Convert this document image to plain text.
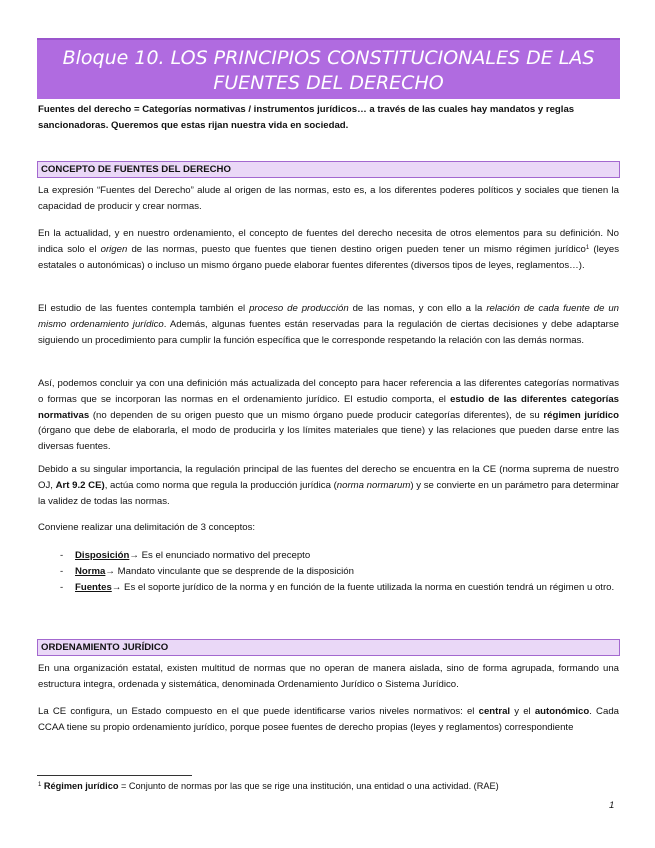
Bloque 10. LOS PRINCIPIOS CONSTITUCIONALES DE LAS
FUENTES DEL DERECHO
Fuentes del derecho = Categorías normativas / instrumentos jurídicos… a través de las cuales hay mandatos y reglas sancionadoras. Queremos que estas rijan nuestra vida en sociedad.
CONCEPTO DE FUENTES DEL DERECHO
La expresión “Fuentes del Derecho” alude al origen de las normas, esto es, a los diferentes poderes políticos y sociales que tienen la capacidad de producir y crear normas.
En la actualidad, y en nuestro ordenamiento, el concepto de fuentes del derecho necesita de otros elementos para su definición. No indica solo el origen de las normas, puesto que fuentes que tienen destino origen pueden tener un mismo régimen jurídico$^1$ (leyes estatales o autonómicas) o incluso un mismo órgano puede elaborar fuentes diferentes (diversos tipos de leyes, reglamentos…).
El estudio de las fuentes contempla también el proceso de producción de las nomas, y con ello a la relación de cada fuente de un mismo ordenamiento jurídico. Además, algunas fuentes están reservadas para la regulación de ciertas decisiones y debe adaptarse siguiendo un procedimiento para cumplir la función específica que le corresponde respetando la relación con las demás normas.
Así, podemos concluir ya con una definición más actualizada del concepto para hacer referencia a las diferentes categorías normativas o formas que se incorporan las normas en el ordenamiento jurídico. El estudio comporta, el estudio de las diferentes categorías normativas (no dependen de su origen puesto que un mismo órgano puede producir categorías diferentes), de su régimen jurídico (órgano que debe de elaborarla, el modo de producirla y los límites materiales que tiene) y las relaciones que pueden darse entre las diversas fuentes.
Debido a su singular importancia, la regulación principal de las fuentes del derecho se encuentra en la CE (norma suprema de nuestro OJ, Art 9.2 CE), actúa como norma que regula la producción jurídica (norma normarum) y se convierte en un parámetro para determinar la validez de todas las normas.
Conviene realizar una delimitación de 3 conceptos:
-	Disposición→ Es el enunciado normativo del precepto
-	Norma→ Mandato vinculante que se desprende de la disposición
-	Fuentes→ Es el soporte jurídico de la norma y en función de la fuente utilizada la norma en cuestión tendrá un régimen u otro.
ORDENAMIENTO JURÍDICO
En una organización estatal, existen multitud de normas que no operan de manera aislada, sino de forma agrupada, formando una estructura integra, ordenada y sistemática, denominada Ordenamiento Jurídico o Sistema Jurídico.
La CE configura, un Estado compuesto en el que puede identificarse varios niveles normativos: el central y el autonómico. Cada CCAA tiene su propio ordenamiento jurídico, porque posee fuentes de derecho propias (leyes y reglamentos) correspondiente
$^1$ Régimen jurídico = Conjunto de normas por las que se rige una institución, una entidad o una actividad. (RAE)
1
